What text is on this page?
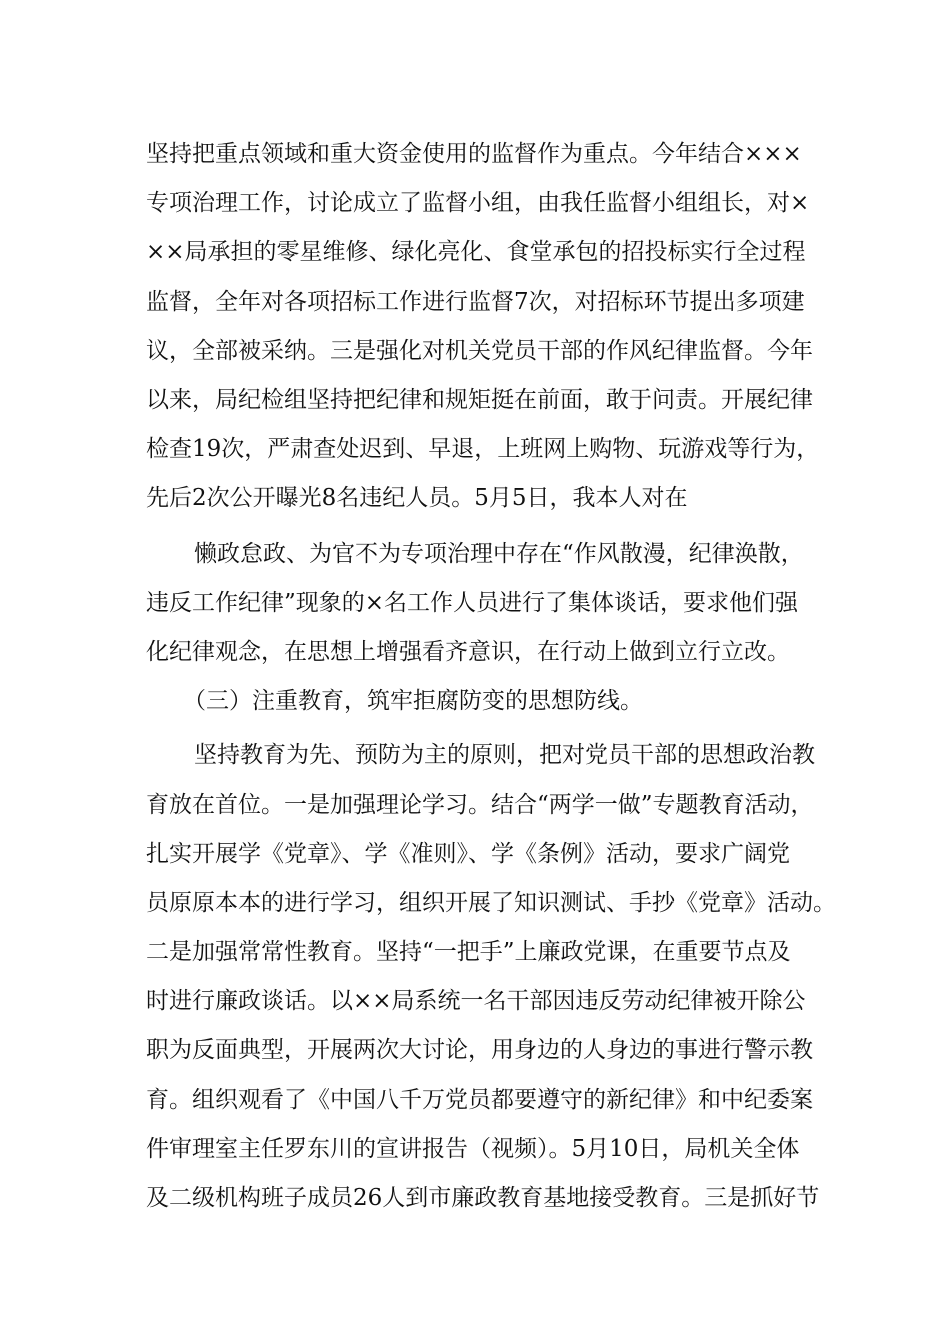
坚持把重点领域和重大资金使用的监督作为重点。今年结合×××
专项治理工作，讨论成立了监督小组，由我任监督小组组长，对×
××局承担的零星维修、绿化亮化、食堂承包的招投标实行全过程
监督，全年对各项招标工作进行监督7次，对招标环节提出多项建
议，全部被采纳。三是强化对机关党员干部的作风纪律监督。今年
以来，局纪检组坚持把纪律和规矩挺在前面，敢于问责。开展纪律
检查19次，严肃查处迟到、早退，上班网上购物、玩游戏等行为，
先后2次公开曝光8名违纪人员。5月5日，我本人对在
懒政怠政、为官不为专项治理中存在“作风散漫，纪律涣散，
违反工作纪律”现象的×名工作人员进行了集体谈话，要求他们强
化纪律观念，在思想上增强看齐意识，在行动上做到立行立改。
（三）注重教育，筑牢拒腐防变的思想防线。
坚持教育为先、预防为主的原则，把对党员干部的思想政治教
育放在首位。一是加强理论学习。结合“两学一做”专题教育活动，
扎实开展学《党章》、学《准则》、学《条例》活动，要求广阔党
员原原本本的进行学习，组织开展了知识测试、手抄《党章》活动。
二是加强常常性教育。坚持“一把手”上廉政党课，在重要节点及
时进行廉政谈话。以××局系统一名干部因违反劳动纪律被开除公
职为反面典型，开展两次大讨论，用身边的人身边的事进行警示教
育。组织观看了《中国八千万党员都要遵守的新纪律》和中纪委案
件审理室主任罗东川的宣讲报告（视频）。5月10日，局机关全体
及二级机构班子成员26人到市廉政教育基地接受教育。三是抓好节
